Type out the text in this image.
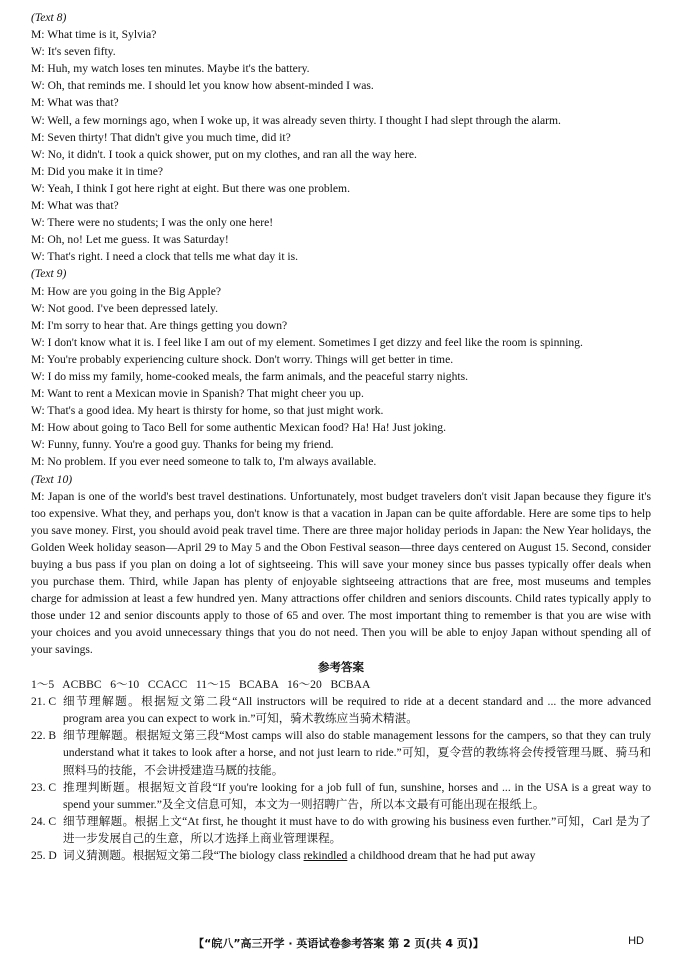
(Text 8)
M: What time is it, Sylvia?
W: It's seven fifty.
M: Huh, my watch loses ten minutes. Maybe it's the battery.
W: Oh, that reminds me. I should let you know how absent-minded I was.
M: What was that?
W: Well, a few mornings ago, when I woke up, it was already seven thirty. I thought I had slept through the alarm.
M: Seven thirty! That didn't give you much time, did it?
W: No, it didn't. I took a quick shower, put on my clothes, and ran all the way here.
M: Did you make it in time?
W: Yeah, I think I got here right at eight. But there was one problem.
M: What was that?
W: There were no students; I was the only one here!
M: Oh, no! Let me guess. It was Saturday!
W: That's right. I need a clock that tells me what day it is.
(Text 9)
M: How are you going in the Big Apple?
W: Not good. I've been depressed lately.
M: I'm sorry to hear that. Are things getting you down?
W: I don't know what it is. I feel like I am out of my element. Sometimes I get dizzy and feel like the room is spinning.
M: You're probably experiencing culture shock. Don't worry. Things will get better in time.
W: I do miss my family, home-cooked meals, the farm animals, and the peaceful starry nights.
M: Want to rent a Mexican movie in Spanish? That might cheer you up.
W: That's a good idea. My heart is thirsty for home, so that just might work.
M: How about going to Taco Bell for some authentic Mexican food? Ha! Ha! Just joking.
W: Funny, funny. You're a good guy. Thanks for being my friend.
M: No problem. If you ever need someone to talk to, I'm always available.
(Text 10)
M: Japan is one of the world's best travel destinations. Unfortunately, most budget travelers don't visit Japan because they figure it's too expensive. What they, and perhaps you, don't know is that a vacation in Japan can be quite affordable. Here are some tips to help you save money. First, you should avoid peak travel time. There are three major holiday periods in Japan: the New Year holidays, the Golden Week holiday season—April 29 to May 5 and the Obon Festival season—three days centered on August 15. Second, consider buying a bus pass if you plan on doing a lot of sightseeing. This will save your money since bus passes typically offer deals when you purchase them. Third, while Japan has plenty of enjoyable sightseeing attractions that are free, most museums and temples charge for admission at least a few hundred yen. Many attractions offer children and seniors discounts. Child rates typically apply to those under 12 and senior discounts apply to those of 65 and over. The most important thing to remember is that you are wise with your choices and you avoid unnecessary things that you do not need. Then you will be able to enjoy Japan without spending all of your savings.
参考答案
1～5   ACBBC   6～10   CCACC   11～15   BCABA   16～20   BCBAA
21. C 细节理解题。根据短文第二段“All instructors will be required to ride at a decent standard and ... the more advanced program area you can expect to work in.”可知，骑术教练应当骑术精湛。
22. B 细节理解题。根据短文第三段“Most camps will also do stable management lessons for the campers, so that they can truly understand what it takes to look after a horse, and not just learn to ride.”可知，夏令营的教练将会传授管理马厩、骑马和照料马的技能，不会讲授建造马厩的技能。
23. C 推理判断题。根据短文首段“If you're looking for a job full of fun, sunshine, horses and ... in the USA is a great way to spend your summer.”及全文信息可知，本文为一则招聘广告，所以本文最有可能出现在报纸上。
24. C 细节理解题。根据上文“At first, he thought it must have to do with growing his business even further.”可知，Carl 是为了进一步发展自己的生意，所以才选择上商业管理课程。
25. D 词义猜测题。根据短文第二段“The biology class rekindled a childhood dream that he had put away
【“皖八”高三开学 · 英语试卷参考答案 第 2 页(共 4 页)】	HD
